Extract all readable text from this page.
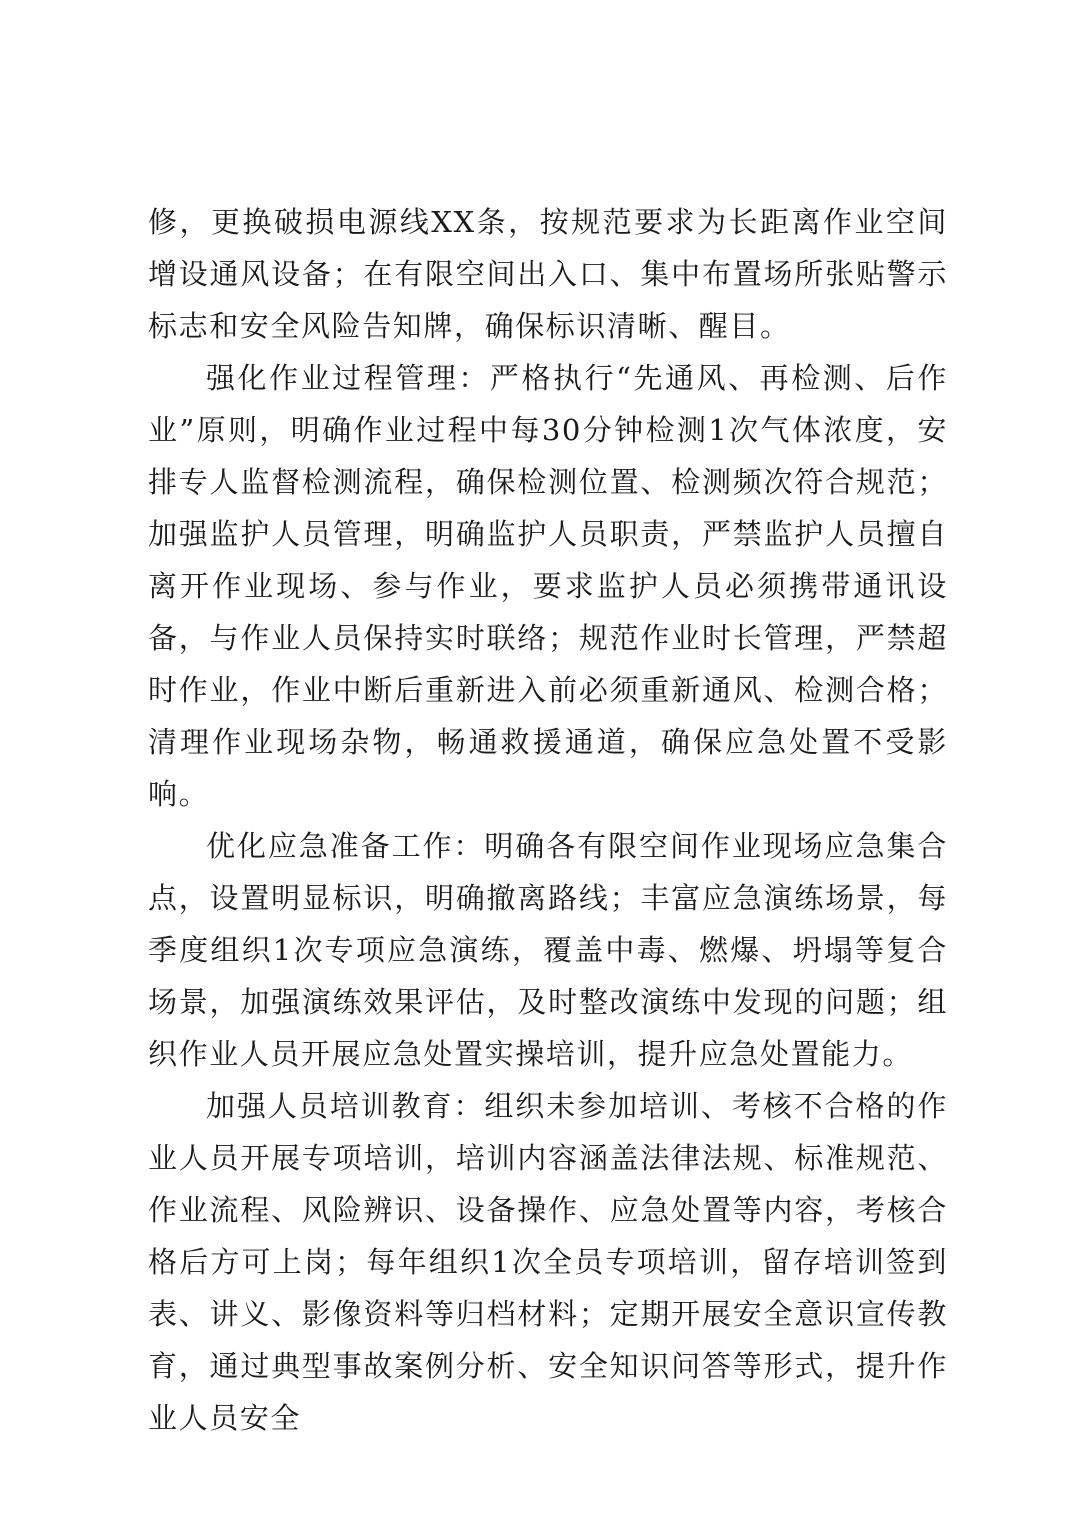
修，更换破损电源线XX条，按规范要求为长距离作业空间增设通风设备；在有限空间出入口、集中布置场所张贴警示标志和安全风险告知牌，确保标识清晰、醒目。

强化作业过程管理：严格执行“先通风、再检测、后作业”原则，明确作业过程中每30分钟检测1次气体浓度，安排专人监督检测流程，确保检测位置、检测频次符合规范；加强监护人员管理，明确监护人员职责，严禁监护人员擅自离开作业现场、参与作业，要求监护人员必须携带通讯设备，与作业人员保持实时联络；规范作业时长管理，严禁超时作业，作业中断后重新进入前必须重新通风、检测合格；清理作业现场杂物，畅通救援通道，确保应急处置不受影响。

优化应急准备工作：明确各有限空间作业现场应急集合点，设置明显标识，明确撤离路线；丰富应急演练场景，每季度组织1次专项应急演练，覆盖中毒、燃爆、坍塌等复合场景，加强演练效果评估，及时整改演练中发现的问题；组织作业人员开展应急处置实操培训，提升应急处置能力。

加强人员培训教育：组织未参加培训、考核不合格的作业人员开展专项培训，培训内容涵盖法律法规、标准规范、作业流程、风险辨识、设备操作、应急处置等内容，考核合格后方可上岗；每年组织1次全员专项培训，留存培训签到表、讲义、影像资料等归档材料；定期开展安全意识宣传教育，通过典型事故案例分析、安全知识问答等形式，提升作业人员安全
